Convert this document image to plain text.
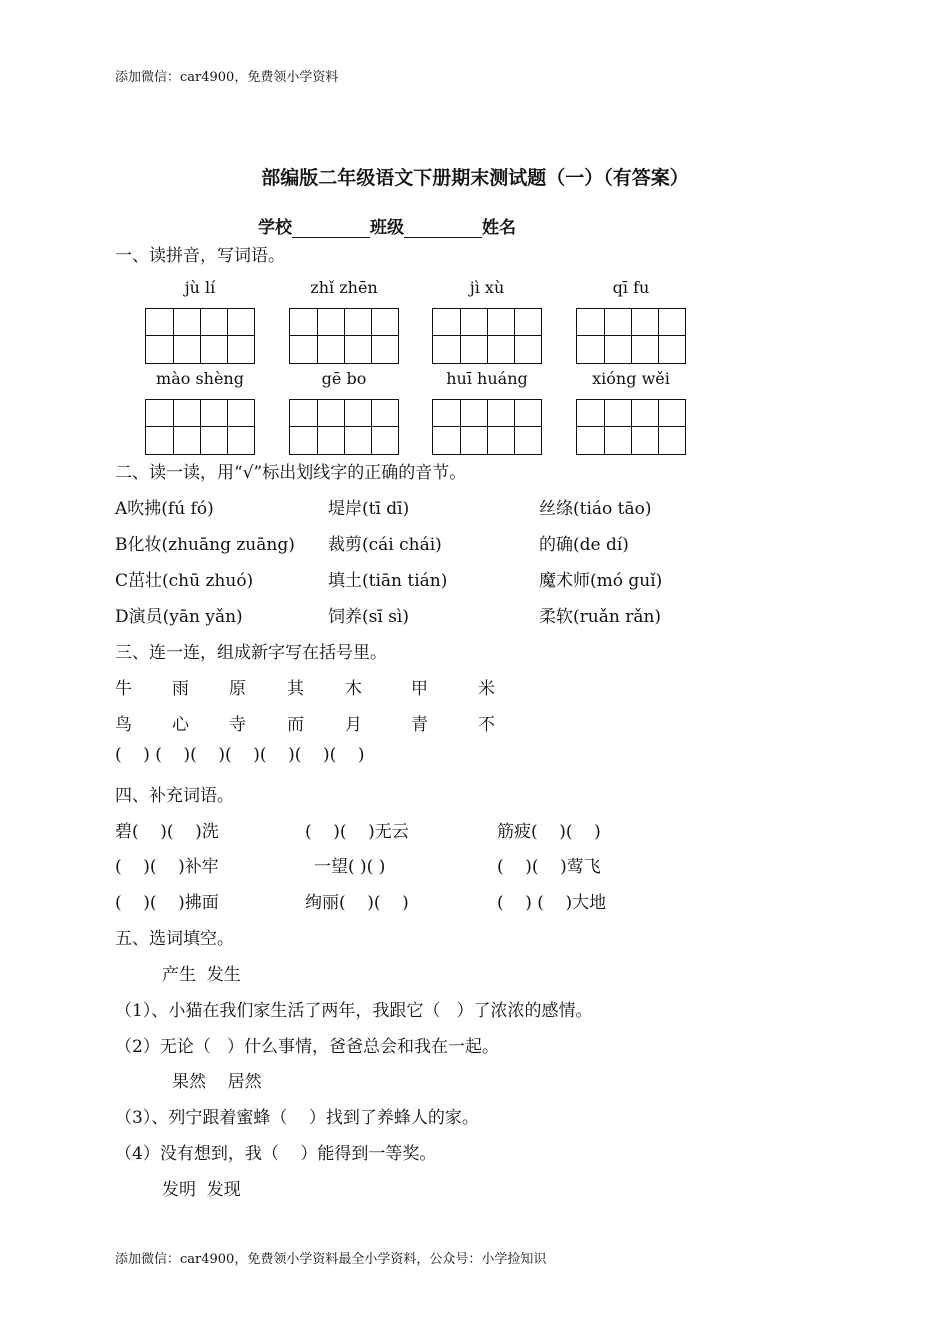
添加微信：car4900，免费领小学资料
部编版二年级语文下册期末测试题（一）（有答案）
学校	班级	姓名
一、读拼音，写词语。
jù lí	zhǐ zhēn	jì xù	qī fu
mào shèng	gē bo	huī huáng	xióng wěi
二、读一读，用“√”标出划线字的正确的音节。
A吹拂(fú fó)	堤岸(tī dī)	丝绦(tiáo tāo)
B化妆(zhuāng zuāng) 裁剪(cái chái)	的确(de dí)
C茁壮(chū zhuó)	填土(tiān tián)	魔术师(mó guǐ)
D演员(yān yǎn)	饲养(sī sì)	柔软(ruǎn rǎn)
三、连一连，组成新字写在括号里。
牛 雨 原 其 木	甲	米
鸟 心 寺 而 月	青	不
(    ) (    )(    )(    )(    )(    )(    )
四、补充词语。
碧(    )(    )洗	(    )(    )无云	筋疲(    )(    )
(    )(    )补牢	一望( )( )	(    )(    )莺飞
(    )(    )拂面	绚丽(    )(    )	(    ) (    )大地
五、选词填空。
产生  发生
（1）、小猫在我们家生活了两年，我跟它（   ）了浓浓的感情。
（2）无论（   ）什么事情，爸爸总会和我在一起。
果然    居然
（3）、列宁跟着蜜蜂（    ）找到了养蜂人的家。
（4）没有想到，我（    ）能得到一等奖。
发明  发现
添加微信：car4900，免费领小学资料最全小学资料，公众号：小学捡知识
